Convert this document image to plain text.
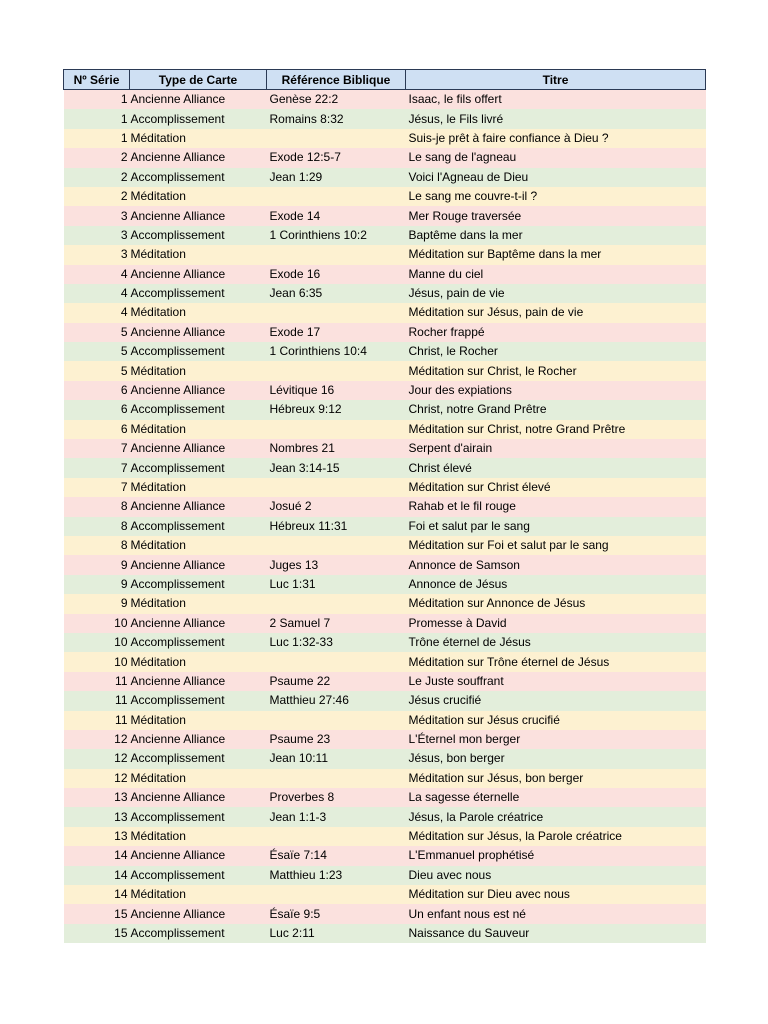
Nº Série	Type de Carte	Référence Biblique	Titre
1	Ancienne Alliance	Genèse 22:2	Isaac, le fils offert
1	Accomplissement	Romains 8:32	Jésus, le Fils livré
1	Méditation		Suis-je prêt à faire confiance à Dieu ?
2	Ancienne Alliance	Exode 12:5-7	Le sang de l'agneau
2	Accomplissement	Jean 1:29	Voici l'Agneau de Dieu
2	Méditation		Le sang me couvre-t-il ?
3	Ancienne Alliance	Exode 14	Mer Rouge traversée
3	Accomplissement	1 Corinthiens 10:2	Baptême dans la mer
3	Méditation		Méditation sur Baptême dans la mer
4	Ancienne Alliance	Exode 16	Manne du ciel
4	Accomplissement	Jean 6:35	Jésus, pain de vie
4	Méditation		Méditation sur Jésus, pain de vie
5	Ancienne Alliance	Exode 17	Rocher frappé
5	Accomplissement	1 Corinthiens 10:4	Christ, le Rocher
5	Méditation		Méditation sur Christ, le Rocher
6	Ancienne Alliance	Lévitique 16	Jour des expiations
6	Accomplissement	Hébreux 9:12	Christ, notre Grand Prêtre
6	Méditation		Méditation sur Christ, notre Grand Prêtre
7	Ancienne Alliance	Nombres 21	Serpent d'airain
7	Accomplissement	Jean 3:14-15	Christ élevé
7	Méditation		Méditation sur Christ élevé
8	Ancienne Alliance	Josué 2	Rahab et le fil rouge
8	Accomplissement	Hébreux 11:31	Foi et salut par le sang
8	Méditation		Méditation sur Foi et salut par le sang
9	Ancienne Alliance	Juges 13	Annonce de Samson
9	Accomplissement	Luc 1:31	Annonce de Jésus
9	Méditation		Méditation sur Annonce de Jésus
10	Ancienne Alliance	2 Samuel 7	Promesse à David
10	Accomplissement	Luc 1:32-33	Trône éternel de Jésus
10	Méditation		Méditation sur Trône éternel de Jésus
11	Ancienne Alliance	Psaume 22	Le Juste souffrant
11	Accomplissement	Matthieu 27:46	Jésus crucifié
11	Méditation		Méditation sur Jésus crucifié
12	Ancienne Alliance	Psaume 23	L'Éternel mon berger
12	Accomplissement	Jean 10:11	Jésus, bon berger
12	Méditation		Méditation sur Jésus, bon berger
13	Ancienne Alliance	Proverbes 8	La sagesse éternelle
13	Accomplissement	Jean 1:1-3	Jésus, la Parole créatrice
13	Méditation		Méditation sur Jésus, la Parole créatrice
14	Ancienne Alliance	Ésaïe 7:14	L'Emmanuel prophétisé
14	Accomplissement	Matthieu 1:23	Dieu avec nous
14	Méditation		Méditation sur Dieu avec nous
15	Ancienne Alliance	Ésaïe 9:5	Un enfant nous est né
15	Accomplissement	Luc 2:11	Naissance du Sauveur
